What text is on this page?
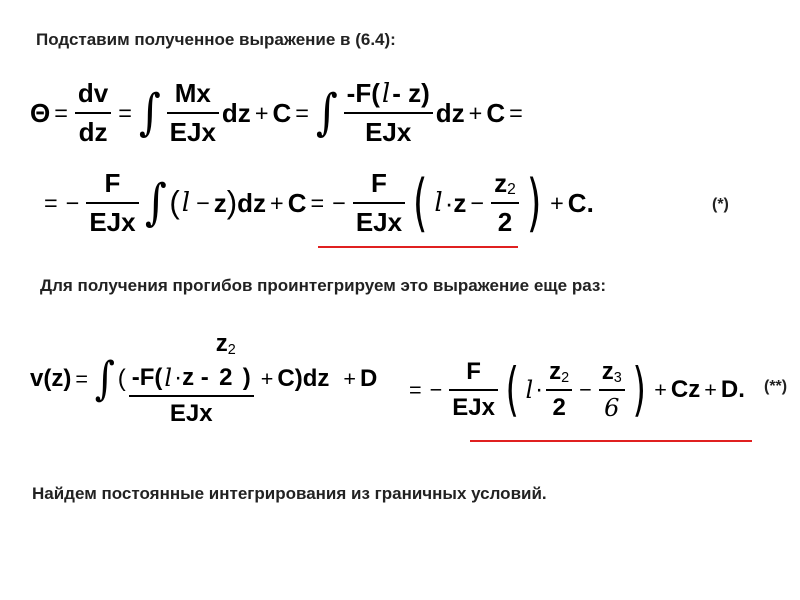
Подставим полученное выражение в (6.4):
$\Theta = \frac{dv}{dz}$ = ∫ $\frac{Mx}{\text{EJx}}$ dz + C = ∫ $\frac{-F( l - z)}{\text{EJx}}$ dz + C =
= − $\frac{F}{\text{EJx}}$ ∫ ( l − z ) dz + C = − $\frac{F}{\text{EJx}}$ ( $l \cdot z - \frac{z 2}{2}$ ) + C.	(*)
Для получения прогибов проинтегрируем это выражение еще раз:
v(z) = ∫ ( -F( l · z -
z 2
2 )
EJx
+ C)dz + D = − $\frac{F}{\text{EJx}}$ ( $l \cdot \frac{z 2}{2} - \frac{z 3}{6}$ ) + Cz + D. (**)
Найдем постоянные интегрирования из граничных условий.
